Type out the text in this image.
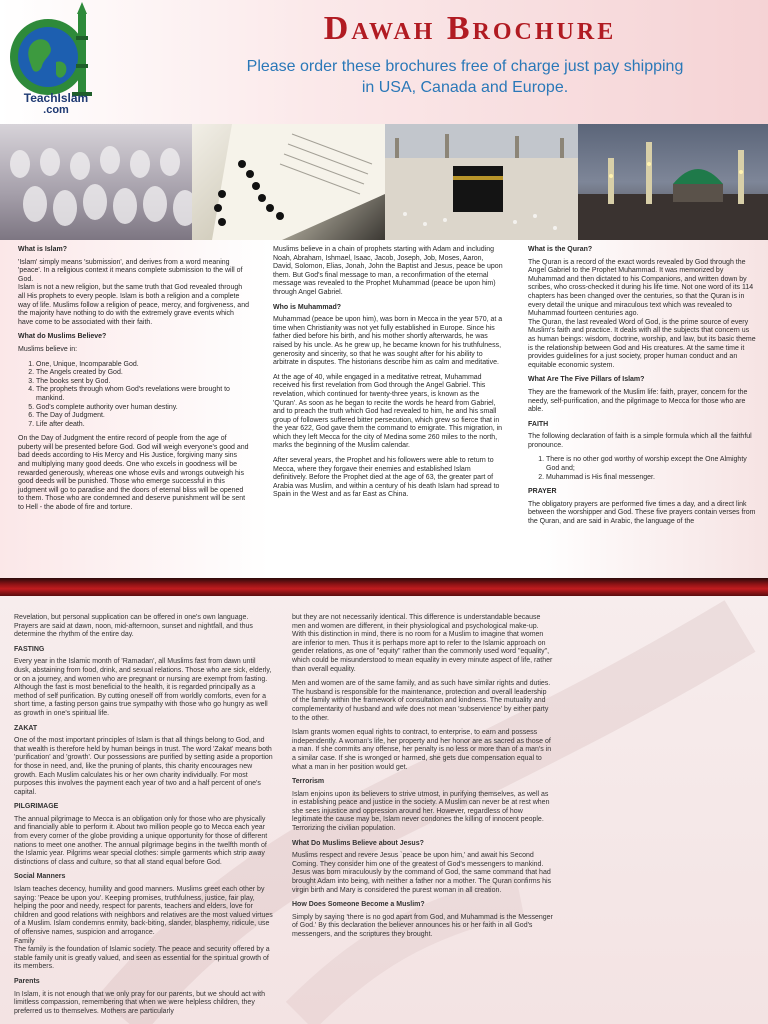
TeachIslam
.com
Dawah Brochure
Please order these brochures free of charge just pay shipping
in USA, Canada and Europe.

What is Islam?

'Islam' simply means 'submission', and derives from a word meaning 'peace'. In a religious context it means complete submission to the will of God.
Islam is not a new religion, but the same truth that God revealed through all His prophets to every people. Islam is both a religion and a complete way of life. Muslims follow a religion of peace, mercy, and forgiveness, and the majority have nothing to do with the extremely grave events which have come to be associated with their faith.

What do Muslims Believe?

Muslims believe in:

1. One, Unique, Incomparable God.
2. The Angels created by God.
3. The books sent by God.
4. The prophets through whom God's revelations were brought to mankind.
5. God's complete authority over human destiny.
6. The Day of Judgment.
7. Life after death.

On the Day of Judgment the entire record of people from the age of puberty will be presented before God. God will weigh everyone's good and bad deeds according to His Mercy and His Justice, forgiving many sins and multiplying many good deeds. One who excels in goodness will be rewarded generously, whereas one whose evils and wrongs outweigh his good deeds will be punished. Those who emerge successful in this judgment will go to paradise and the doors of eternal bliss will be opened to them. Those who are condemned and deserve punishment will be sent to Hell - the abode of fire and torture.

Muslims believe in a chain of prophets starting with Adam and including Noah, Abraham, Ishmael, Isaac, Jacob, Joseph, Job, Moses, Aaron, David, Solomon, Elias, Jonah, John the Baptist and Jesus, peace be upon them. But God's final message to man, a reconfirmation of the eternal message was revealed to the Prophet Muhammad (peace be upon him) through Angel Gabriel.

Who is Muhammad?

Muhammad (peace be upon him), was born in Mecca in the year 570, at a time when Christianity was not yet fully established in Europe. Since his father died before his birth, and his mother shortly afterwards, he was raised by his uncle. As he grew up, he became known for his truthfulness, generosity and sincerity, so that he was sought after for his ability to arbitrate in disputes. The historians describe him as calm and meditative.

At the age of 40, while engaged in a meditative retreat, Muhammad received his first revelation from God through the Angel Gabriel. This revelation, which continued for twenty-three years, is known as the 'Quran'. As soon as he began to recite the words he heard from Gabriel, and to preach the truth which God had revealed to him, he and his small group of followers suffered bitter persecution, which grew so fierce that in the year 622, God gave them the command to emigrate. This migration, in which they left Mecca for the city of Medina some 260 miles to the north, marks the beginning of the Muslim calendar.

After several years, the Prophet and his followers were able to return to Mecca, where they forgave their enemies and established Islam definitively. Before the Prophet died at the age of 63, the greater part of Arabia was Muslim, and within a century of his death Islam had spread to Spain in the West and as far East as China.

What is the Quran?

The Quran is a record of the exact words revealed by God through the Angel Gabriel to the Prophet Muhammad. It was memorized by Muhammad and then dictated to his Companions, and written down by scribes, who cross-checked it during his life time. Not one word of its 114 chapters has been changed over the centuries, so that the Quran is in every detail the unique and miraculous text which was revealed to Muhammad fourteen centuries ago.
The Quran, the last revealed Word of God, is the prime source of every Muslim's faith and practice. It deals with all the subjects that concern us as human beings: wisdom, doctrine, worship, and law, but its basic theme is the relationship between God and His creatures. At the same time it provides guidelines for a just society, proper human conduct and an equitable economic system.

What Are The Five Pillars of Islam?

They are the framework of the Muslim life: faith, prayer, concern for the needy, self-purification, and the pilgrimage to Mecca for those who are able.

FAITH

The following declaration of faith is a simple formula which all the faithful pronounce.

1. There is no other god worthy of worship except the One Almighty God and;
2. Muhammad is His final messenger.

PRAYER

The obligatory prayers are performed five times a day, and a direct link between the worshipper and God. These five prayers contain verses from the Quran, and are said in Arabic, the language of the

Revelation, but personal supplication can be offered in one's own language. Prayers are said at dawn, noon, mid-afternoon, sunset and nightfall, and thus determine the rhythm of the entire day.

FASTING

Every year in the Islamic month of 'Ramadan', all Muslims fast from dawn until dusk, abstaining from food, drink, and sexual relations. Those who are sick, elderly, or on a journey, and women who are pregnant or nursing are exempt from fasting. Although the fast is most beneficial to the health, it is regarded principally as a method of self purification. By cutting oneself off from worldly comforts, even for a short time, a fasting person gains true sympathy with those who go hungry as well as growth in one's spiritual life.

ZAKAT

One of the most important principles of Islam is that all things belong to God, and that wealth is therefore held by human beings in trust. The word 'Zakat' means both 'purification' and 'growth'. Our possessions are purified by setting aside a proportion for those in need, and, like the pruning of plants, this charity encourages new growth. Each Muslim calculates his or her own charity individually. For most purposes this involves the payment each year of two and a half percent of one's capital.

PILGRIMAGE

The annual pilgrimage to Mecca is an obligation only for those who are physically and financially able to perform it. About two million people go to Mecca each year from every corner of the globe providing a unique opportunity for those of different nations to meet one another. The annual pilgrimage begins in the twelfth month of the Islamic year. Pilgrims wear special clothes: simple garments which strip away distinctions of class and culture, so that all stand equal before God.

Social Manners

Islam teaches decency, humility and good manners. Muslims greet each other by saying: 'Peace be upon you'. Keeping promises, truthfulness, justice, fair play, helping the poor and needy, respect for parents, teachers and elders, love for children and good relations with neighbors and relatives are the most valued virtues of a Muslim. Islam condemns enmity, back-biting, slander, blasphemy, ridicule, use of offensive names, suspicion and arrogance.
Family
The family is the foundation of Islamic society. The peace and security offered by a stable family unit is greatly valued, and seen as essential for the spiritual growth of its members.

Parents

In Islam, it is not enough that we only pray for our parents, but we should act with limitless compassion, remembering that when we were helpless children, they preferred us to themselves. Mothers are particularly

but they are not necessarily identical. This difference is understandable because men and women are different, in their physiological and psychological make-up. With this distinction in mind, there is no room for a Muslim to imagine that women are inferior to men. Thus it is perhaps more apt to refer to the Islamic approach on gender relations, as one of "equity" rather than the commonly used word "equality", which could be misunderstood to mean equality in every minute aspect of life, rather than overall equality.

Men and women are of the same family, and as such have similar rights and duties. The husband is responsible for the maintenance, protection and overall leadership of the family within the framework of consultation and kindness. The mutuality and complementarity of husband and wife does not mean 'subservience' by either party to the other.

Islam grants women equal rights to contract, to enterprise, to earn and possess independently. A woman's life, her property and her honor are as sacred as those of a man. If she commits any offense, her penalty is no less or more than of a man's in a similar case. If she is wronged or harmed, she gets due compensation equal to what a man in her position would get.

Terrorism

Islam enjoins upon its believers to strive utmost, in purifying themselves, as well as in establishing peace and justice in the society. A Muslim can never be at rest when she sees injustice and oppression around her. However, regardless of how legitimate the cause may be, Islam never condones the killing of innocent people. Terrorizing the civilian population.

What Do Muslims Believe about Jesus?

Muslims respect and revere Jesus `peace be upon him,' and await his Second Coming. They consider him one of the greatest of God's messengers to mankind. Jesus was born miraculously by the command of God, the same command that had brought Adam into being, with neither a father nor a mother. The Quran confirms his virgin birth and Mary is considered the purest woman in all creation.

How Does Someone Become a Muslim?

Simply by saying 'there is no god apart from God, and Muhammad is the Messenger of God.' By this declaration the believer announces his or her faith in all God's messengers, and the scriptures they brought.
